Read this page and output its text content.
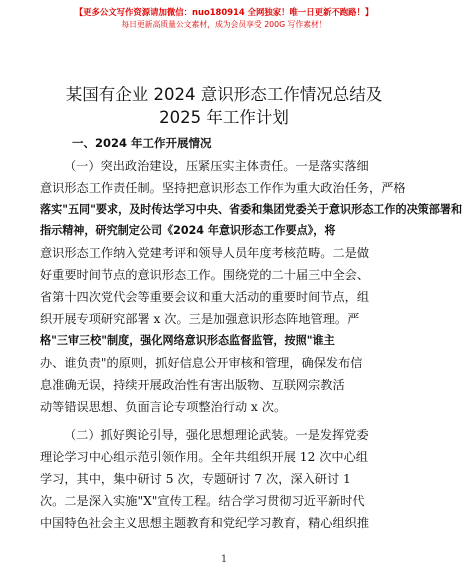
【更多公文写作资源请加微信：nuo180914 全网独家！唯一日更新不跑路！】
每日更新高质量公文素材，成为会员享受 200G 写作素材！
某国有企业 2024 意识形态工作情况总结及
2025 年工作计划
一、2024 年工作开展情况
（一）突出政治建设，压紧压实主体责任。一是落实落细
意识形态工作责任制。坚持把意识形态工作作为重大政治任务，严格
落实"五同"要求，及时传达学习中央、省委和集团党委关于意识形态工作的决策部署和
指示精神，研究制定公司《2024 年意识形态工作要点》，将
意识形态工作纳入党建考评和领导人员年度考核范畴。二是做
好重要时间节点的意识形态工作。围绕党的二十届三中全会、
省第十四次党代会等重要会议和重大活动的重要时间节点，组
织开展专项研究部署 x 次。三是加强意识形态阵地管理。严
格"三审三校"制度，强化网络意识形态监督监管，按照"谁主
办、谁负责"的原则，抓好信息公开审核和管理，确保发布信
息准确无误，持续开展政治性有害出版物、互联网宗教活
动等错误思想、负面言论专项整治行动 x 次。
（二）抓好舆论引导，强化思想理论武装。一是发挥党委
理论学习中心组示范引领作用。全年共组织开展 12 次中心组
学习，其中，集中研讨 5 次，专题研讨 7 次，深入研讨 1
次。二是深入实施"X"宣传工程。结合学习贯彻习近平新时代
中国特色社会主义思想主题教育和党纪学习教育，精心组织推
1
